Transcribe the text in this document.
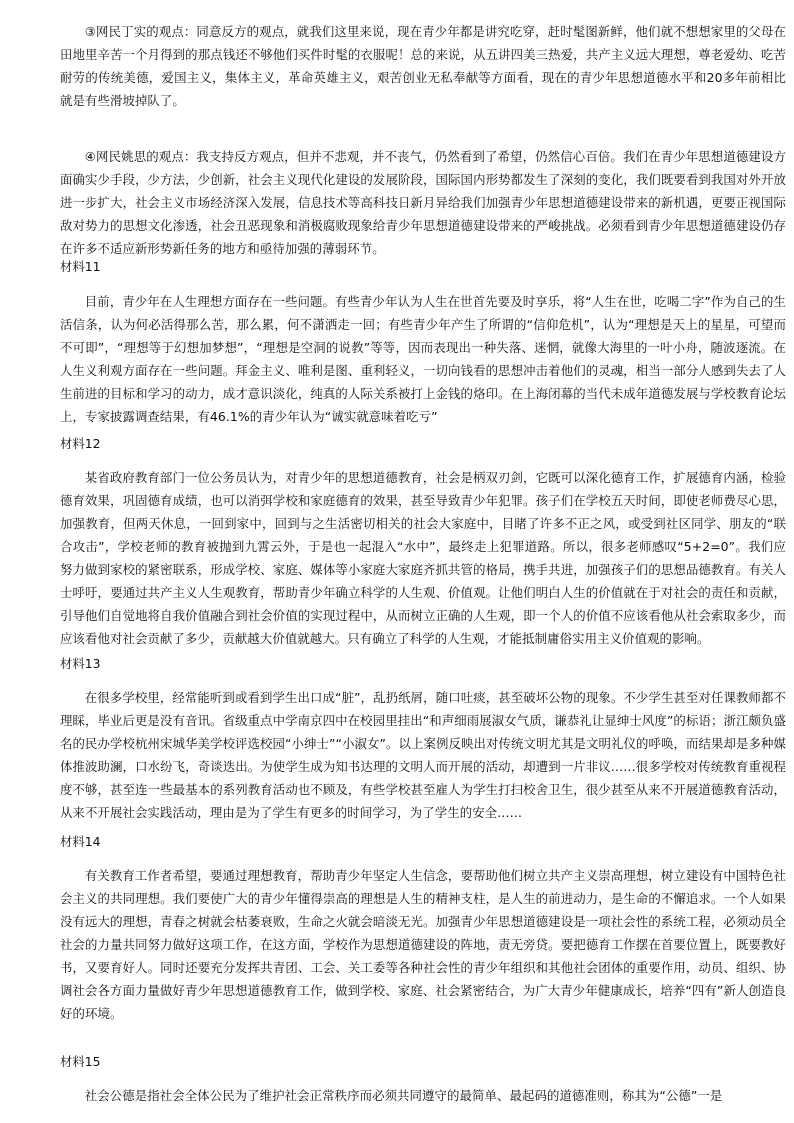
③网民丁实的观点：同意反方的观点，就我们这里来说，现在青少年都是讲究吃穿，赶时髦图新鲜，他们就不想想家里的父母在田地里辛苦一个月得到的那点钱还不够他们买件时髦的衣服呢！总的来说，从五讲四美三热爱，共产主义远大理想，尊老爱幼、吃苦耐劳的传统美德，爱国主义，集体主义，革命英雄主义，艰苦创业无私奉献等方面看，现在的青少年思想道德水平和20多年前相比就是有些滑坡掉队了。

④网民姚思的观点：我支持反方观点，但并不悲观，并不丧气，仍然看到了希望，仍然信心百倍。我们在青少年思想道德建设方面确实少手段，少方法，少创新，社会主义现代化建设的发展阶段，国际国内形势都发生了深刻的变化，我们既要看到我国对外开放进一步扩大，社会主义市场经济深入发展，信息技术等高科技日新月异给我们加强青少年思想道德建设带来的新机遇，更要正视国际敌对势力的思想文化渗透，社会丑恶现象和消极腐败现象给青少年思想道德建设带来的严峻挑战。必须看到青少年思想道德建设仍存在许多不适应新形势新任务的地方和亟待加强的薄弱环节。

材料11

目前，青少年在人生理想方面存在一些问题。有些青少年认为人生在世首先要及时享乐，将“人生在世，吃喝二字”作为自己的生活信条，认为何必活得那么苦，那么累，何不潇洒走一回；有些青少年产生了所谓的“信仰危机”，认为“理想是天上的星星，可望而不可即”，“理想等于幻想加梦想”，“理想是空洞的说教”等等，因而表现出一种失落、迷惘，就像大海里的一叶小舟，随波逐流。在人生义利观方面存在一些问题。拜金主义、唯利是图、重利轻义，一切向钱看的思想冲击着他们的灵魂，相当一部分人感到失去了人生前进的目标和学习的动力，成才意识淡化，纯真的人际关系被打上金钱的烙印。在上海闭幕的当代未成年道德发展与学校教育论坛上，专家披露调查结果，有46.1%的青少年认为“诚实就意味着吃亏”

材料12

某省政府教育部门一位公务员认为，对青少年的思想道德教育，社会是柄双刃剑，它既可以深化德育工作，扩展德育内涵，检验德育效果，巩固德育成绩，也可以消弭学校和家庭德育的效果，甚至导致青少年犯罪。孩子们在学校五天时间，即使老师费尽心思，加强教育，但两天休息，一回到家中，回到与之生活密切相关的社会大家庭中，目睹了许多不正之风，或受到社区同学、朋友的“联合攻击”，学校老师的教育被抛到九霄云外，于是也一起混入“水中”，最终走上犯罪道路。所以，很多老师感叹“5+2=0”。我们应努力做到家校的紧密联系，形成学校、家庭、媒体等小家庭大家庭齐抓共管的格局，携手共进，加强孩子们的思想品德教育。有关人士呼吁，要通过共产主义人生观教育，帮助青少年确立科学的人生观、价值观。让他们明白人生的价值就在于对社会的责任和贡献，引导他们自觉地将自我价值融合到社会价值的实现过程中，从而树立正确的人生观，即一个人的价值不应该看他从社会索取多少，而应该看他对社会贡献了多少，贡献越大价值就越大。只有确立了科学的人生观，才能抵制庸俗实用主义价值观的影响。

材料13

在很多学校里，经常能听到或看到学生出口成“脏”，乱扔纸屑，随口吐痰，甚至破坏公物的现象。不少学生甚至对任课教师都不理睬，毕业后更是没有音讯。省级重点中学南京四中在校园里挂出“和声细雨展淑女气质，谦恭礼让显绅士风度”的标语；浙江颇负盛名的民办学校杭州宋城华美学校评选校园“小绅士”“小淑女”。以上案例反映出对传统文明尤其是文明礼仪的呼唤，而结果却是多种媒体推波助澜，口水纷飞，奇谈迭出。为使学生成为知书达理的文明人而开展的活动，却遭到一片非议……很多学校对传统教育重视程度不够，甚至连一些最基本的系列教育活动也不顾及，有些学校甚至雇人为学生打扫校舍卫生，很少甚至从来不开展道德教育活动，从来不开展社会实践活动，理由是为了学生有更多的时间学习，为了学生的安全……

材料14

有关教育工作者希望，要通过理想教育，帮助青少年坚定人生信念，要帮助他们树立共产主义崇高理想，树立建设有中国特色社会主义的共同理想。我们要使广大的青少年懂得崇高的理想是人生的精神支柱，是人生的前进动力，是生命的不懈追求。一个人如果没有远大的理想，青春之树就会枯萎衰败，生命之火就会暗淡无光。加强青少年思想道德建设是一项社会性的系统工程，必须动员全社会的力量共同努力做好这项工作，在这方面，学校作为思想道德建设的阵地，责无旁贷。要把德育工作摆在首要位置上，既要教好书，又要育好人。同时还要充分发挥共青团、工会、关工委等各种社会性的青少年组织和其他社会团体的重要作用，动员、组织、协调社会各方面力量做好青少年思想道德教育工作，做到学校、家庭、社会紧密结合，为广大青少年健康成长，培养“四有”新人创造良好的环境。

材料15

社会公德是指社会全体公民为了维护社会正常秩序而必须共同遵守的最简单、最起码的道德准则，称其为“公德”一是
